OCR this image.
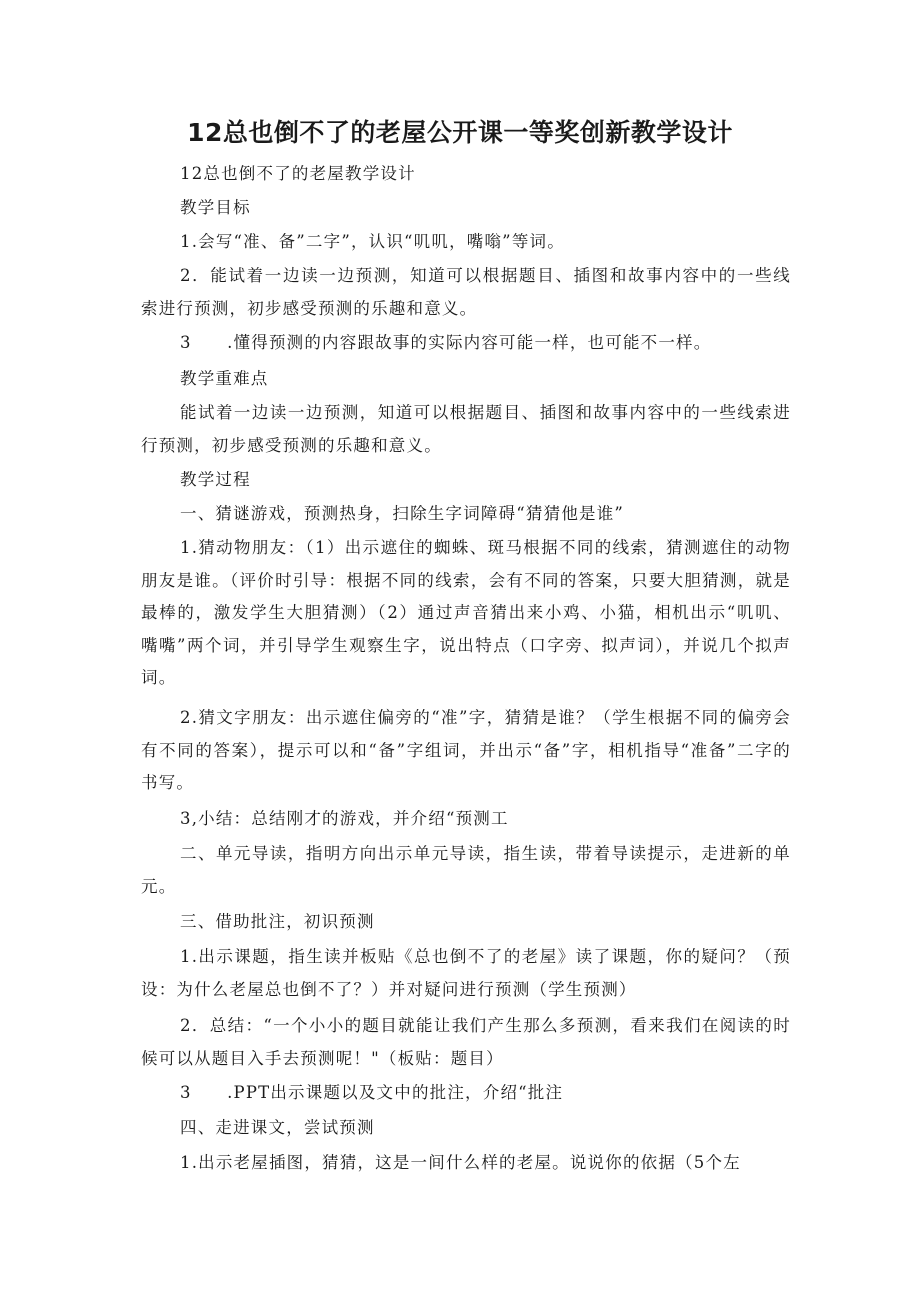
12总也倒不了的老屋公开课一等奖创新教学设计
12总也倒不了的老屋教学设计
教学目标
1.会写“准、备”二字”，认识“叽叽，嘴嗡”等词。
2．能试着一边读一边预测，知道可以根据题目、插图和故事内容中的一些线索进行预测，初步感受预测的乐趣和意义。
3　　.懂得预测的内容跟故事的实际内容可能一样，也可能不一样。
教学重难点
能试着一边读一边预测，知道可以根据题目、插图和故事内容中的一些线索进行预测，初步感受预测的乐趣和意义。
教学过程
一、猜谜游戏，预测热身，扫除生字词障碍“猜猜他是谁”
1.猜动物朋友：（1）出示遮住的蜘蛛、斑马根据不同的线索，猜测遮住的动物朋友是谁。（评价时引导：根据不同的线索，会有不同的答案，只要大胆猜测，就是最棒的，激发学生大胆猜测）（2）通过声音猜出来小鸡、小猫，相机出示“叽叽、嘴嘴”两个词，并引导学生观察生字，说出特点（口字旁、拟声词），并说几个拟声词。
2.猜文字朋友：出示遮住偏旁的“准”字，猜猜是谁？（学生根据不同的偏旁会有不同的答案），提示可以和“备”字组词，并出示“备”字，相机指导“准备”二字的书写。
3,小结：总结刚才的游戏，并介绍“预测工
二、单元导读，指明方向出示单元导读，指生读，带着导读提示，走进新的单元。
三、借助批注，初识预测
1.出示课题，指生读并板贴《总也倒不了的老屋》读了课题，你的疑问？（预设：为什么老屋总也倒不了？）并对疑问进行预测（学生预测）
2．总结：“一个小小的题目就能让我们产生那么多预测，看来我们在阅读的时候可以从题目入手去预测呢！"（板贴：题目）
3　　.PPT出示课题以及文中的批注，介绍“批注
四、走进课文，尝试预测
1.出示老屋插图，猜猜，这是一间什么样的老屋。说说你的依据（5个左
